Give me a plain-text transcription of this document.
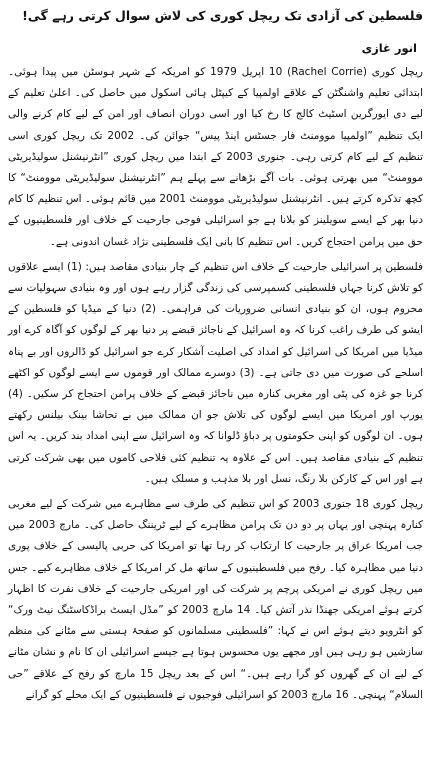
فلسطین کی آزادی تک ریچل کوری کی لاش سوال کرتی رہے گی!
انور غازی

ریچل کوری (Rachel Corrie) 10 اپریل 1979 کو امریکہ کے شہر ہوسٹن میں پیدا ہوئی۔ ابتدائی تعلیم واشنگٹن کے علاقے اولمپیا کے کیپٹل ہائی اسکول میں حاصل کی۔ اعلیٰ تعلیم کے لیے دی ایورگرین اسٹیٹ کالج کا رخ کیا اور اسی دوران انصاف اور امن کے لیے کام کرنے والی ایک تنظیم ”اولمپیا موومنٹ فار جسٹس اینڈ پیس“ جوائن کی۔ 2002 تک ریچل کوری اسی تنظیم کے لیے کام کرتی رہی۔ جنوری 2003 کے ابتدا میں ریچل کوری ”انٹرنیشنل سولیڈیریٹی موومنٹ“ میں بھرتی ہوئی۔ بات آگے بڑھانے سے پہلے ہم ”انٹرنیشنل سولیڈیریٹی موومنٹ“ کا کچھ تذکرہ کرتے ہیں۔ انٹرنیشنل سولیڈیریٹی موومنٹ 2001 میں قائم ہوئی۔ اس تنظیم کا کام دنیا بھر کے ایسے سویلینز کو بلانا ہے جو اسرائیلی فوجی جارحیت کے خلاف اور فلسطینیوں کے حق میں پرامن احتجاج کریں۔ اس تنظیم کا بانی ایک فلسطینی نژاد غسان اندونی ہے۔

فلسطین پر اسرائیلی جارحیت کے خلاف اس تنظیم کے چار بنیادی مقاصد ہیں: (1) ایسے علاقوں کو تلاش کرنا جہاں فلسطینی کسمپرسی کی زندگی گزار رہے ہوں اور وہ بنیادی سہولیات سے محروم ہوں، ان کو بنیادی انسانی ضروریات کی فراہمی۔ (2) دنیا کے میڈیا کو فلسطین کے ایشو کی طرف راغب کرنا کہ وہ اسرائیل کے ناجائز قبضے پر دنیا بھر کے لوگوں کو آگاہ کرے اور میڈیا میں امریکا کی اسرائیل کو امداد کی اصلیت آشکار کرے جو اسرائیل کو ڈالروں اور بے پناہ اسلحے کی صورت میں دی جاتی ہے۔ (3) دوسرے ممالک اور قوموں سے ایسے لوگوں کو اکٹھے کرنا جو غزہ کی پٹی اور مغربی کنارہ میں ناجائز قبضے کے خلاف پرامن احتجاج کر سکیں۔ (4) یورپ اور امریکا میں ایسے لوگوں کی تلاش جو ان ممالک میں بے تحاشا بینک بیلنس رکھتے ہوں۔ ان لوگوں کو اپنی حکومتوں پر دباؤ ڈلوانا کہ وہ اسرائیل سے اپنی امداد بند کریں۔ یہ اس تنظیم کے بنیادی مقاصد ہیں۔ اس کے علاوہ یہ تنظیم کئی فلاحی کاموں میں بھی شرکت کرتی ہے اور اس کے کارکن بلا رنگ، نسل اور بلا مذہب و مسلک ہیں۔

ریچل کوری 18 جنوری 2003 کو اس تنظیم کی طرف سے مظاہرے میں شرکت کے لیے مغربی کنارہ پہنچی اور یہاں پر دو دن تک پرامن مظاہرے کے لیے ٹریننگ حاصل کی۔ مارچ 2003 میں جب امریکا عراق پر جارحیت کا ارتکاب کر رہا تھا تو امریکا کی حربی پالیسی کے خلاف پوری دنیا میں مظاہرہ کیا۔ رفح میں فلسطینیوں کے ساتھ مل کر امریکا کے خلاف مظاہرے کیے۔ جس میں ریچل کوری نے امریکی پرچم پر شرکت کی اور امریکی جارحیت کے خلاف نفرت کا اظہار کرتے ہوئے امریکی جھنڈا نذر آتش کیا۔ 14 مارچ 2003 کو ”مڈل ایسٹ براڈکاسٹنگ نیٹ ورک“ کو انٹرویو دیتے ہوئے اس نے کہا: ”فلسطینی مسلمانوں کو صفحۂ ہستی سے مٹانے کی منظم سازشیں ہو رہی ہیں اور مجھے یوں محسوس ہوتا ہے جیسے اسرائیلی ان کا نام و نشان مٹانے کے لیے ان کے گھروں کو گرا رہے ہیں۔“ اس کے بعد ریچل 15 مارچ کو رفح کے علاقے ”حی السلام“ پہنچی۔ 16 مارچ 2003 کو اسرائیلی فوجیوں نے فلسطینیوں کے ایک محلے کو گرانے
